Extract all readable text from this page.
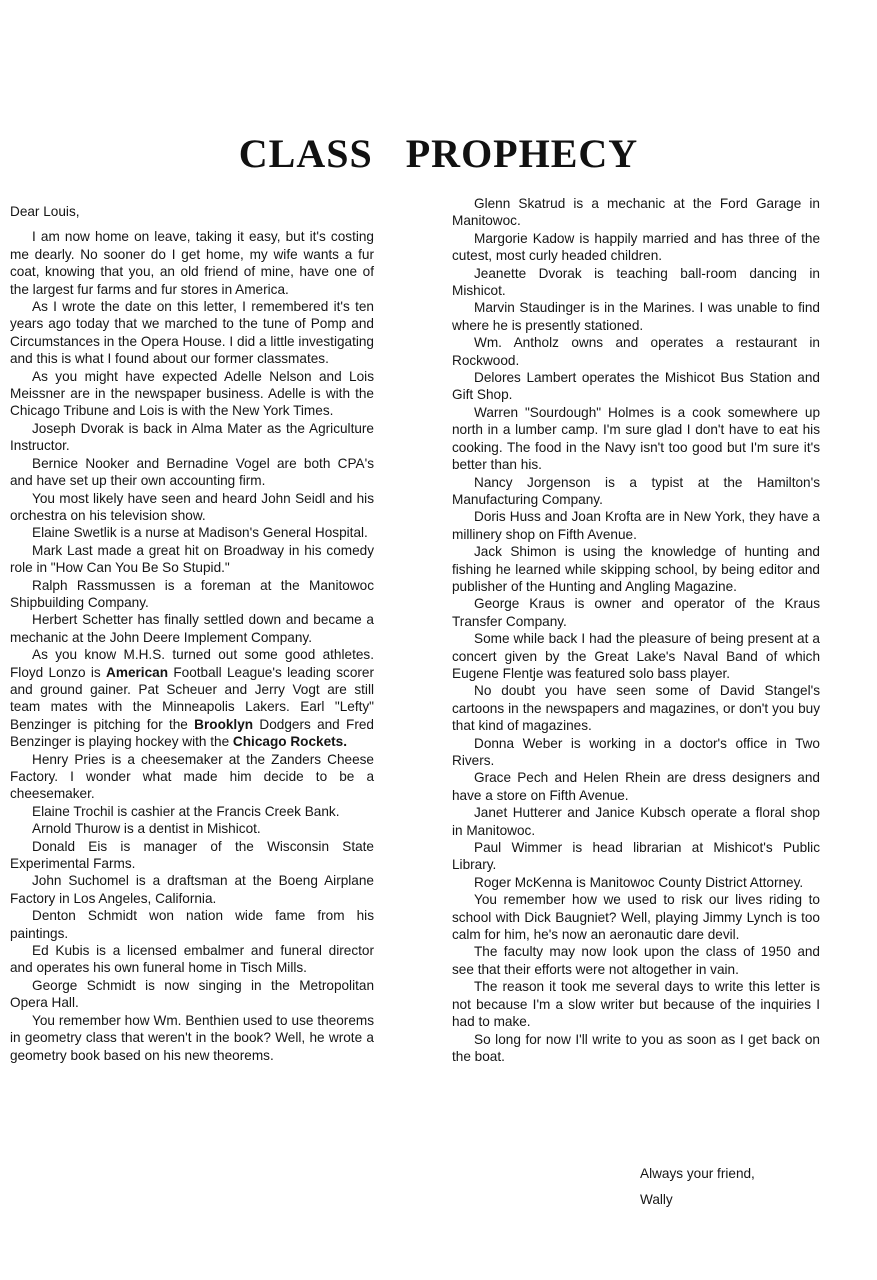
CLASS PROPHECY

Dear Louis,

I am now home on leave, taking it easy, but it's costing me dearly. No sooner do I get home, my wife wants a fur coat, knowing that you, an old friend of mine, have one of the largest fur farms and fur stores in America.

As I wrote the date on this letter, I remembered it's ten years ago today that we marched to the tune of Pomp and Circumstances in the Opera House. I did a little investigating and this is what I found about our former classmates.

As you might have expected Adelle Nelson and Lois Meissner are in the newspaper business. Adelle is with the Chicago Tribune and Lois is with the New York Times.

Joseph Dvorak is back in Alma Mater as the Agriculture Instructor.

Bernice Nooker and Bernadine Vogel are both CPA's and have set up their own accounting firm.

You most likely have seen and heard John Seidl and his orchestra on his television show.

Elaine Swetlik is a nurse at Madison's General Hospital.

Mark Last made a great hit on Broadway in his comedy role in "How Can You Be So Stupid."

Ralph Rassmussen is a foreman at the Manitowoc Shipbuilding Company.

Herbert Schetter has finally settled down and became a mechanic at the John Deere Implement Company.

As you know M.H.S. turned out some good athletes. Floyd Lonzo is American Football League's leading scorer and ground gainer. Pat Scheuer and Jerry Vogt are still team mates with the Minneapolis Lakers. Earl "Lefty" Benzinger is pitching for the Brooklyn Dodgers and Fred Benzinger is playing hockey with the Chicago Rockets.

Henry Pries is a cheesemaker at the Zanders Cheese Factory. I wonder what made him decide to be a cheesemaker.

Elaine Trochil is cashier at the Francis Creek Bank.

Arnold Thurow is a dentist in Mishicot.

Donald Eis is manager of the Wisconsin State Experimental Farms.

John Suchomel is a draftsman at the Boeng Airplane Factory in Los Angeles, California.

Denton Schmidt won nation wide fame from his paintings.

Ed Kubis is a licensed embalmer and funeral director and operates his own funeral home in Tisch Mills.

George Schmidt is now singing in the Metropolitan Opera Hall.

You remember how Wm. Benthien used to use theorems in geometry class that weren't in the book? Well, he wrote a geometry book based on his new theorems.

Glenn Skatrud is a mechanic at the Ford Garage in Manitowoc.

Margorie Kadow is happily married and has three of the cutest, most curly headed children.

Jeanette Dvorak is teaching ball-room dancing in Mishicot.

Marvin Staudinger is in the Marines. I was unable to find where he is presently stationed.

Wm. Antholz owns and operates a restaurant in Rockwood.

Delores Lambert operates the Mishicot Bus Station and Gift Shop.

Warren "Sourdough" Holmes is a cook somewhere up north in a lumber camp. I'm sure glad I don't have to eat his cooking. The food in the Navy isn't too good but I'm sure it's better than his.

Nancy Jorgenson is a typist at the Hamilton's Manufacturing Company.

Doris Huss and Joan Krofta are in New York, they have a millinery shop on Fifth Avenue.

Jack Shimon is using the knowledge of hunting and fishing he learned while skipping school, by being editor and publisher of the Hunting and Angling Magazine.

George Kraus is owner and operator of the Kraus Transfer Company.

Some while back I had the pleasure of being present at a concert given by the Great Lake's Naval Band of which Eugene Flentje was featured solo bass player.

No doubt you have seen some of David Stangel's cartoons in the newspapers and magazines, or don't you buy that kind of magazines.

Donna Weber is working in a doctor's office in Two Rivers.

Grace Pech and Helen Rhein are dress designers and have a store on Fifth Avenue.

Janet Hutterer and Janice Kubsch operate a floral shop in Manitowoc.

Paul Wimmer is head librarian at Mishicot's Public Library.

Roger McKenna is Manitowoc County District Attorney.

You remember how we used to risk our lives riding to school with Dick Baugniet? Well, playing Jimmy Lynch is too calm for him, he's now an aeronautic dare devil.

The faculty may now look upon the class of 1950 and see that their efforts were not altogether in vain.

The reason it took me several days to write this letter is not because I'm a slow writer but because of the inquiries I had to make.

So long for now I'll write to you as soon as I get back on the boat.

Always your friend,
Wally
